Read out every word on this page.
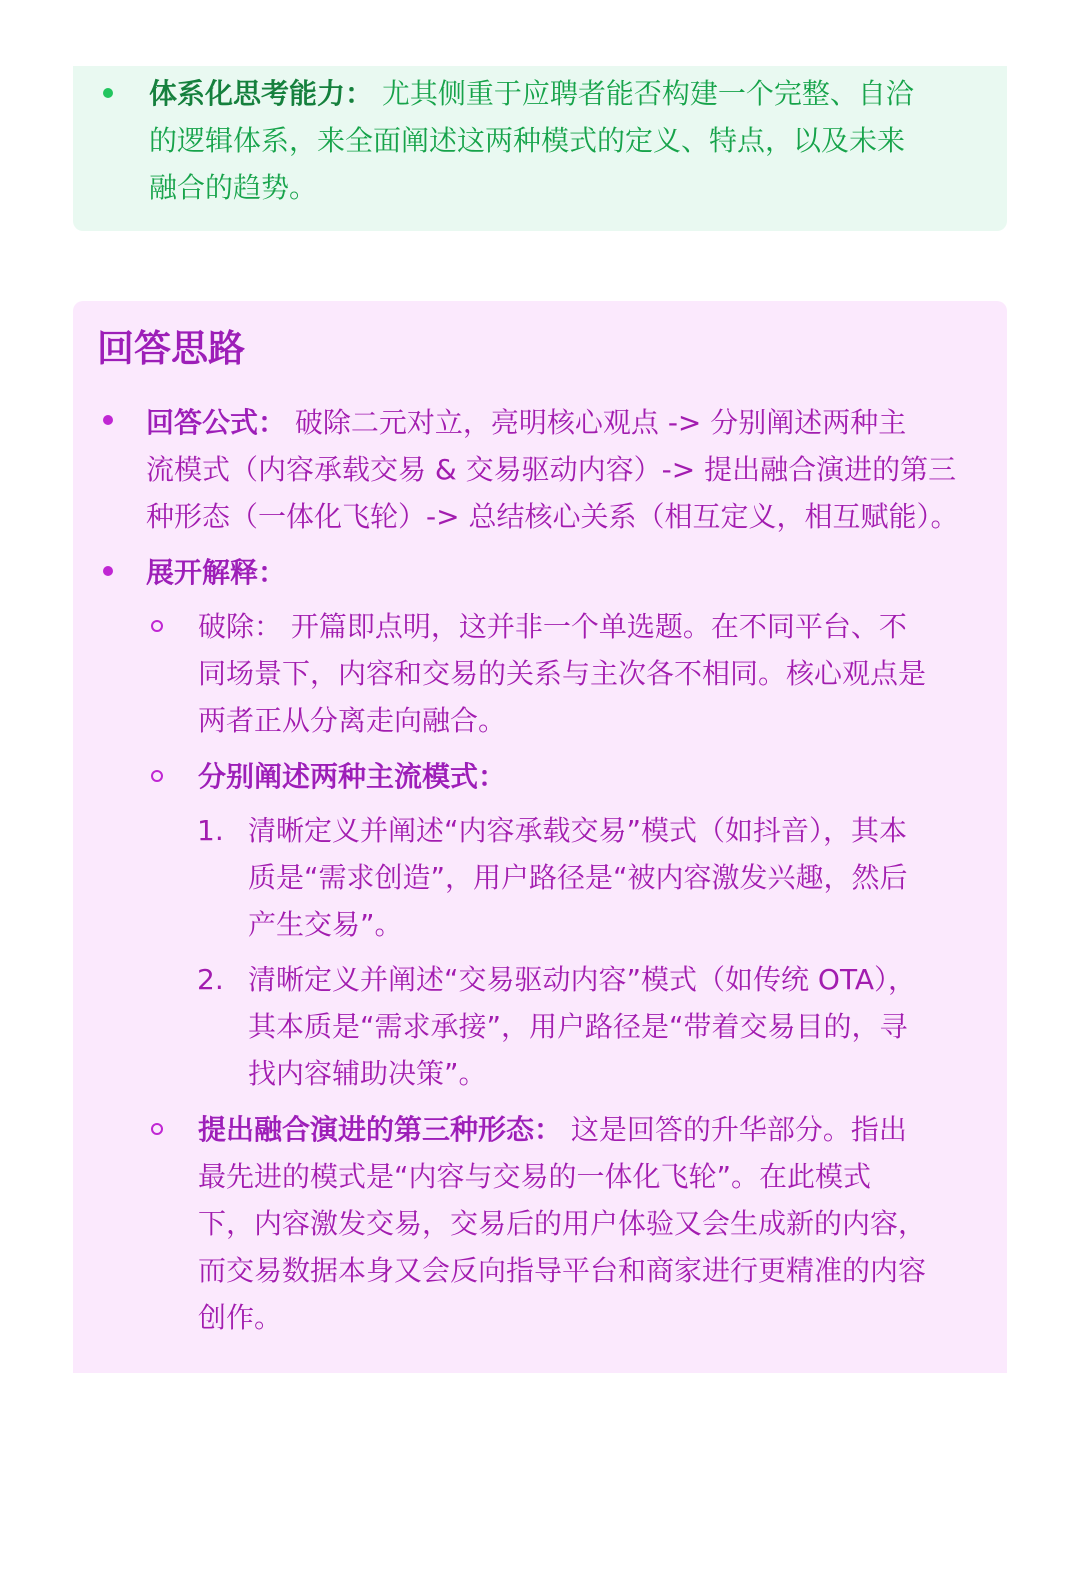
体系化思考能力： 尤其侧重于应聘者能否构建一个完整、自洽
的逻辑体系，来全面阐述这两种模式的定义、特点，以及未来
融合的趋势。
回答思路
回答公式： 破除二元对立，亮明核心观点 -> 分别阐述两种主
流模式（内容承载交易 & 交易驱动内容）-> 提出融合演进的第三
种形态（一体化飞轮）-> 总结核心关系（相互定义，相互赋能）。
展开解释：
破除： 开篇即点明，这并非一个单选题。在不同平台、不
同场景下，内容和交易的关系与主次各不相同。核心观点是
两者正从分离走向融合。
分别阐述两种主流模式：
1. 清晰定义并阐述“内容承载交易”模式（如抖音），其本
质是“需求创造”，用户路径是“被内容激发兴趣，然后
产生交易”。
2. 清晰定义并阐述“交易驱动内容”模式（如传统 OTA），
其本质是“需求承接”，用户路径是“带着交易目的，寻
找内容辅助决策”。
提出融合演进的第三种形态： 这是回答的升华部分。指出
最先进的模式是“内容与交易的一体化飞轮”。在此模式
下，内容激发交易，交易后的用户体验又会生成新的内容，
而交易数据本身又会反向指导平台和商家进行更精准的内容
创作。
